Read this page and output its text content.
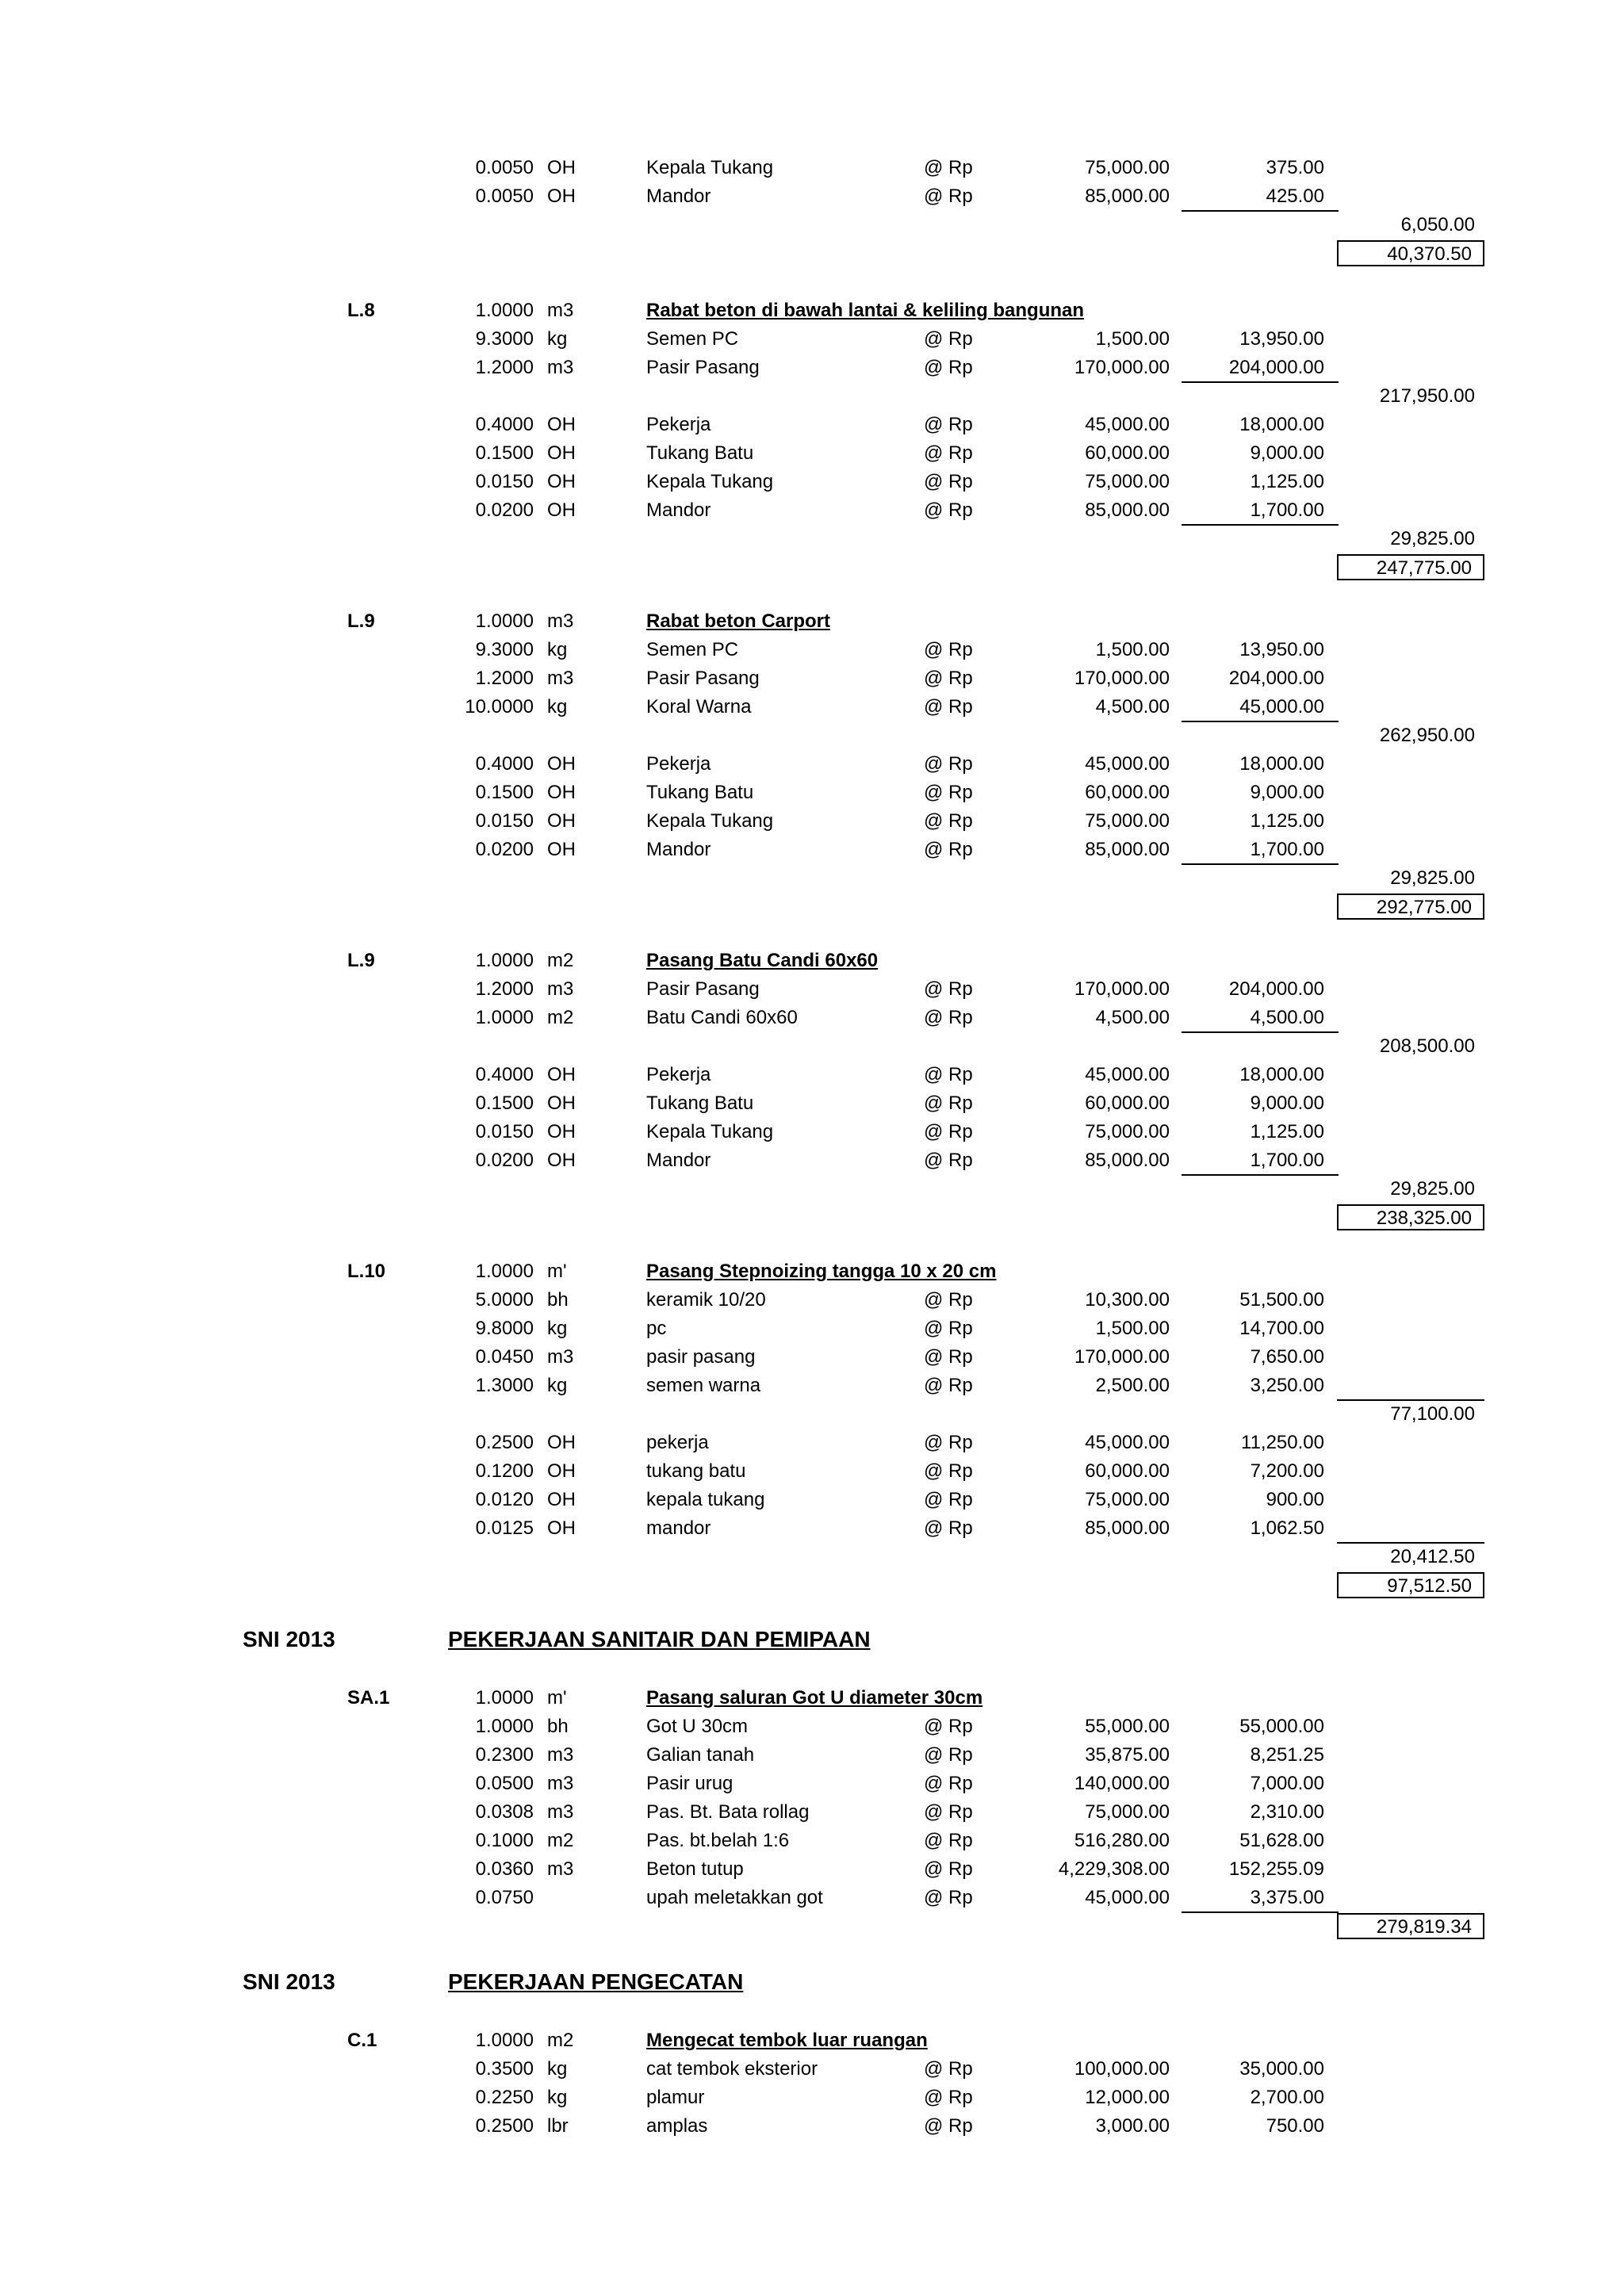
SNI 2013	PEKERJAAN SANITAIR DAN PEMIPAAN
SNI 2013	PEKERJAAN PENGECATAN
0.0050 OH	Kepala Tukang	@ Rp	75,000.00	375.00
0.0050 OH	Mandor	@ Rp	85,000.00	425.00
6,050.00
40,370.50
L.8	1.0000 m3	Rabat beton di bawah lantai & keliling bangunan
9.3000 kg	Semen PC	@ Rp	1,500.00	13,950.00
1.2000 m3	Pasir Pasang	@ Rp	170,000.00	204,000.00
217,950.00
0.4000 OH	Pekerja	@ Rp	45,000.00	18,000.00
0.1500 OH	Tukang Batu	@ Rp	60,000.00	9,000.00
0.0150 OH	Kepala Tukang	@ Rp	75,000.00	1,125.00
0.0200 OH	Mandor	@ Rp	85,000.00	1,700.00
29,825.00
247,775.00
L.9	1.0000 m3	Rabat beton Carport
9.3000 kg	Semen PC	@ Rp	1,500.00	13,950.00
1.2000 m3	Pasir Pasang	@ Rp	170,000.00	204,000.00
10.0000 kg	Koral Warna	@ Rp	4,500.00	45,000.00
262,950.00
0.4000 OH	Pekerja	@ Rp	45,000.00	18,000.00
0.1500 OH	Tukang Batu	@ Rp	60,000.00	9,000.00
0.0150 OH	Kepala Tukang	@ Rp	75,000.00	1,125.00
0.0200 OH	Mandor	@ Rp	85,000.00	1,700.00
29,825.00
292,775.00
L.9	1.0000 m2	Pasang Batu Candi 60x60
1.2000 m3	Pasir Pasang	@ Rp	170,000.00	204,000.00
1.0000 m2	Batu Candi 60x60	@ Rp	4,500.00	4,500.00
208,500.00
0.4000 OH	Pekerja	@ Rp	45,000.00	18,000.00
0.1500 OH	Tukang Batu	@ Rp	60,000.00	9,000.00
0.0150 OH	Kepala Tukang	@ Rp	75,000.00	1,125.00
0.0200 OH	Mandor	@ Rp	85,000.00	1,700.00
29,825.00
238,325.00
L.10	1.0000 m'	Pasang Stepnoizing tangga 10 x 20 cm
5.0000 bh	keramik 10/20	@ Rp	10,300.00	51,500.00
9.8000 kg	pc	@ Rp	1,500.00	14,700.00
0.0450 m3	pasir pasang	@ Rp	170,000.00	7,650.00
1.3000 kg	semen warna	@ Rp	2,500.00	3,250.00
77,100.00
0.2500 OH	pekerja	@ Rp	45,000.00	11,250.00
0.1200 OH	tukang batu	@ Rp	60,000.00	7,200.00
0.0120 OH	kepala tukang	@ Rp	75,000.00	900.00
0.0125 OH	mandor	@ Rp	85,000.00	1,062.50
20,412.50
97,512.50
SA.1	1.0000 m'	Pasang saluran Got U diameter 30cm
1.0000 bh	Got U 30cm	@ Rp	55,000.00	55,000.00
0.2300 m3	Galian tanah	@ Rp	35,875.00	8,251.25
0.0500 m3	Pasir urug	@ Rp	140,000.00	7,000.00
0.0308 m3	Pas. Bt. Bata rollag	@ Rp	75,000.00	2,310.00
0.1000 m2	Pas. bt.belah 1:6	@ Rp	516,280.00	51,628.00
0.0360 m3	Beton tutup	@ Rp	4,229,308.00	152,255.09
0.0750	upah meletakkan got	@ Rp	45,000.00	3,375.00
279,819.34
C.1	1.0000 m2	Mengecat tembok luar ruangan
0.3500 kg	cat tembok eksterior	@ Rp	100,000.00	35,000.00
0.2250 kg	plamur	@ Rp	12,000.00	2,700.00
0.2500 lbr	amplas	@ Rp	3,000.00	750.00
